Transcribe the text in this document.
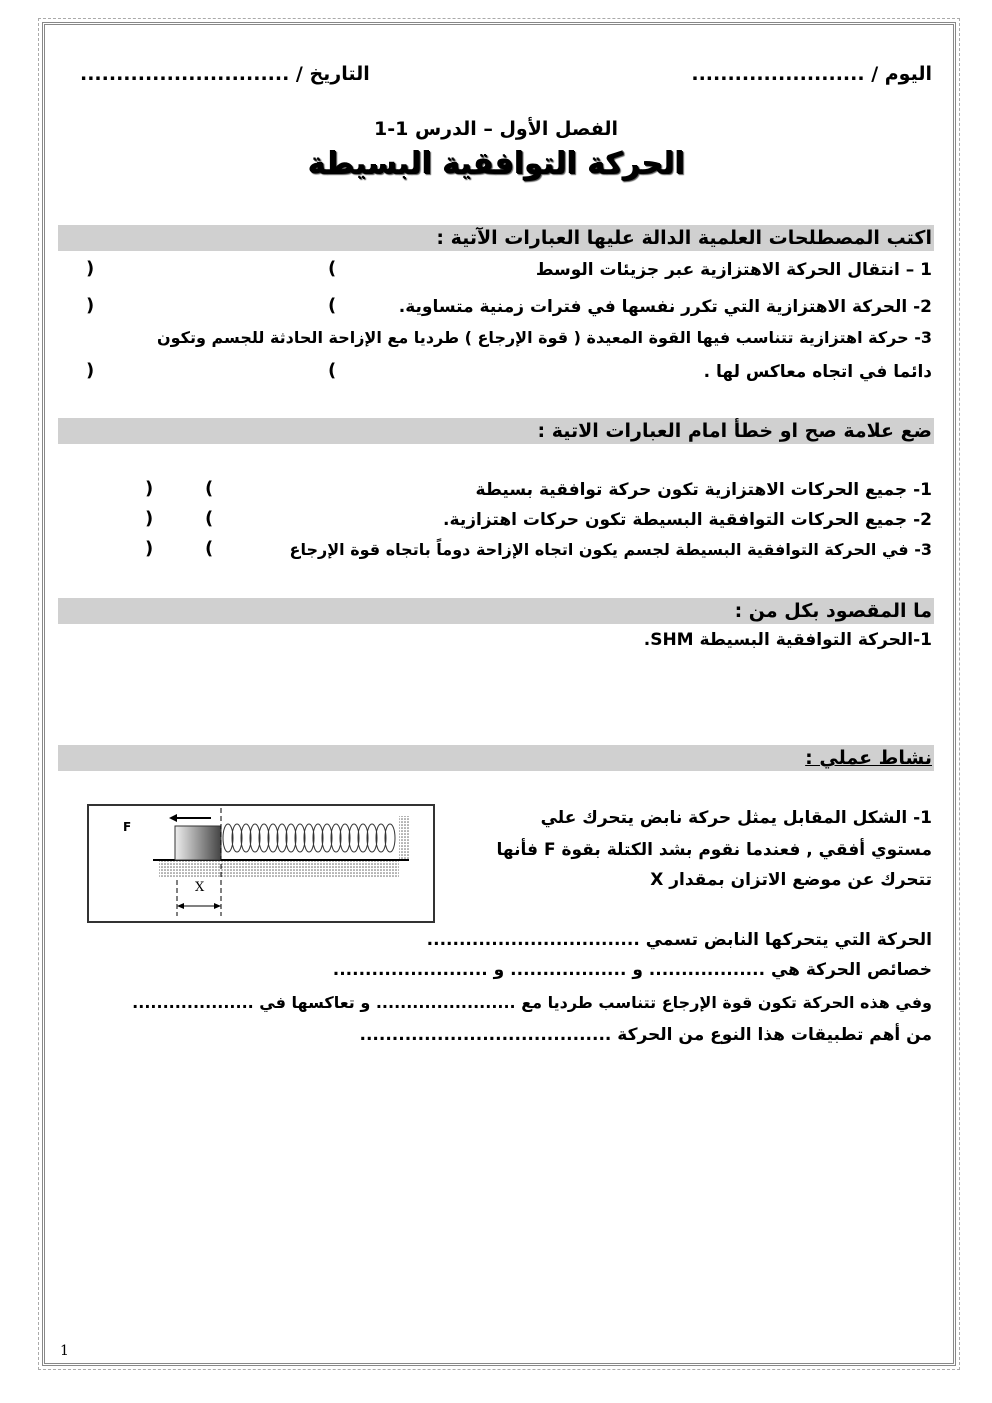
اليوم / ........................
التاريخ / .............................
الفصل الأول – الدرس 1-1
الحركة التوافقية البسيطة
اكتب المصطلحات العلمية الدالة عليها العبارات الآتية :
1 – انتقال الحركة الاهتزازية عبر جزيئات الوسط
(
)
2- الحركة الاهتزازية التي تكرر نفسها في فترات زمنية متساوية.
(
)
3- حركة اهتزازية تتناسب فيها القوة المعيدة ( قوة الإرجاع ) طرديا مع الإزاحة الحادثة للجسم وتكون
دائما في اتجاه معاكس لها .
(
)
ضع علامة صح او خطأ امام العبارات الاتية :
1- جميع الحركات الاهتزازية تكون حركة توافقية بسيطة
(
)
2- جميع الحركات التوافقية البسيطة تكون حركات اهتزازية.
(
)
3- في الحركة التوافقية البسيطة لجسم يكون اتجاه الإزاحة دوماً باتجاه قوة الإرجاع
(
)
ما المقصود بكل من :
1-الحركة التوافقية البسيطة SHM.
نشاط عملي :
1- الشكل المقابل يمثل حركة نابض يتحرك علي
مستوي أفقي , فعندما نقوم بشد الكتلة بقوة F فأنها
تتحرك عن موضع الاتزان بمقدار X
F
X
الحركة التي يتحركها النابض تسمي .................................
خصائص الحركة هي .................. و .................. و ........................
وفي هذه الحركة تكون قوة الإرجاع تتناسب طرديا مع ....................... و تعاكسها في ....................
من أهم تطبيقات هذا النوع من الحركة .......................................
1
